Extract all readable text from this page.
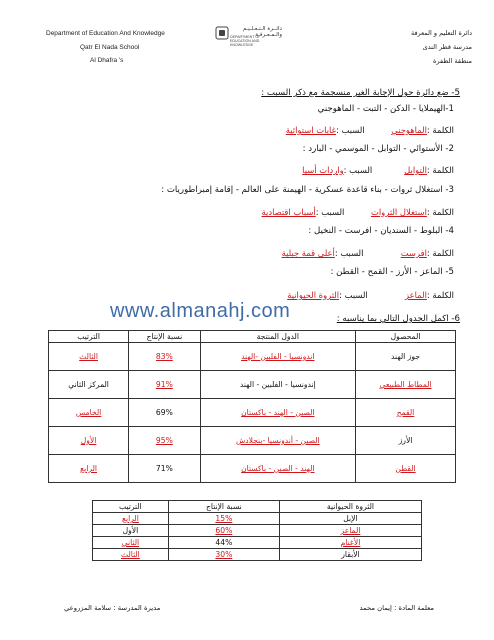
Department of Education And Knowledge
Qatr El Nada School
Al Dhafra 's
دائــرة الـتـعـلـيـم والـمـعـرفـة
DEPARTMENT OF EDUCATION AND KNOWLEDGE
دائرة التعليم و المعرفة
مدرسة قطر الندى
منطقة الظفرة
5- ضع دائرة حول الإجابة الغير منسجمة مع ذكر السبب :
1-الهيملايا - الدكن - التبت - الماهوجني
الكلمة :الماهوجني          السبب :غابات استوائية
2- الأستوائي - التوابل - الموسمي - البارد :
الكلمة :التوابل            السبب :واردات أسيا
3- استغلال ثروات - بناء قاعدة عسكرية - الهيمنة على العالم - إقامة إمبراطوريات :
الكلمة :استغلال الثروات          السبب :أسباب اقتصادية
4- البلوط - السنديان - افرست - النخيل :
الكلمة :افرست              السبب :أعلى قمة جبلية
5- الماعز - الأرز - القمح - القطن :
الكلمة :الماعز              السبب :الثروة الحيوانية
www.almanahj.com	6- اكمل الجدول التالي بما يناسبه :
المحصول	الدول المنتجة	نسبة الإنتاج	الترتيب
جوز الهند	اندونسيا - الفلبين -الهند	83%	الثالث
المطاط الطبيعي	إندونسيا - الفلبين - الهند	91%	المركز الثاني
القمح	الصين - الهند - باكستان	69%	الخامس
الأرز	الصين - أندونسيا -بنجلادش	95%	الأول
القطن	الهند - الصين - باكستان	71%	الرابع
الثروة الحيوانية	نسبة الإنتاج	الترتيب
الإبل	15%	الرابع
الماعز	60%	الأول
الأغنام	44%	الثاني
الأبقار	30%	الثالث
معلمة المادة : إيمان محمد
مديرة المدرسة : سلامة المزروعي
